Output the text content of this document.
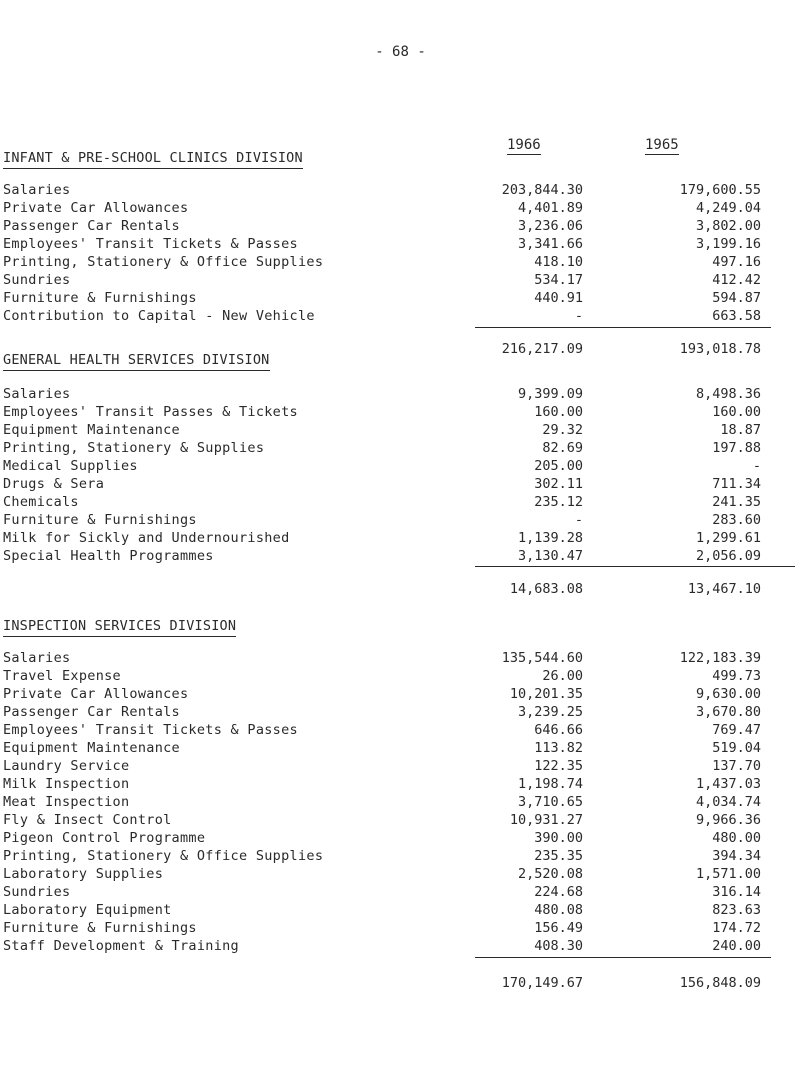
- 68 -
1966	1965
INFANT & PRE-SCHOOL CLINICS DIVISION
Salaries	203,844.30	179,600.55
Private Car Allowances	4,401.89	4,249.04
Passenger Car Rentals	3,236.06	3,802.00
Employees' Transit Tickets & Passes	3,341.66	3,199.16
Printing, Stationery & Office Supplies	418.10	497.16
Sundries	534.17	412.42
Furniture & Furnishings	440.91	594.87
Contribution to Capital - New Vehicle	-	663.58
216,217.09	193,018.78
GENERAL HEALTH SERVICES DIVISION
Salaries	9,399.09	8,498.36
Employees' Transit Passes & Tickets	160.00	160.00
Equipment Maintenance	29.32	18.87
Printing, Stationery & Supplies	82.69	197.88
Medical Supplies	205.00	-
Drugs & Sera	302.11	711.34
Chemicals	235.12	241.35
Furniture & Furnishings	-	283.60
Milk for Sickly and Undernourished	1,139.28	1,299.61
Special Health Programmes	3,130.47	2,056.09
14,683.08	13,467.10
INSPECTION SERVICES DIVISION
Salaries	135,544.60	122,183.39
Travel Expense	26.00	499.73
Private Car Allowances	10,201.35	9,630.00
Passenger Car Rentals	3,239.25	3,670.80
Employees' Transit Tickets & Passes	646.66	769.47
Equipment Maintenance	113.82	519.04
Laundry Service	122.35	137.70
Milk Inspection	1,198.74	1,437.03
Meat Inspection	3,710.65	4,034.74
Fly & Insect Control	10,931.27	9,966.36
Pigeon Control Programme	390.00	480.00
Printing, Stationery & Office Supplies	235.35	394.34
Laboratory Supplies	2,520.08	1,571.00
Sundries	224.68	316.14
Laboratory Equipment	480.08	823.63
Furniture & Furnishings	156.49	174.72
Staff Development & Training	408.30	240.00
170,149.67	156,848.09
